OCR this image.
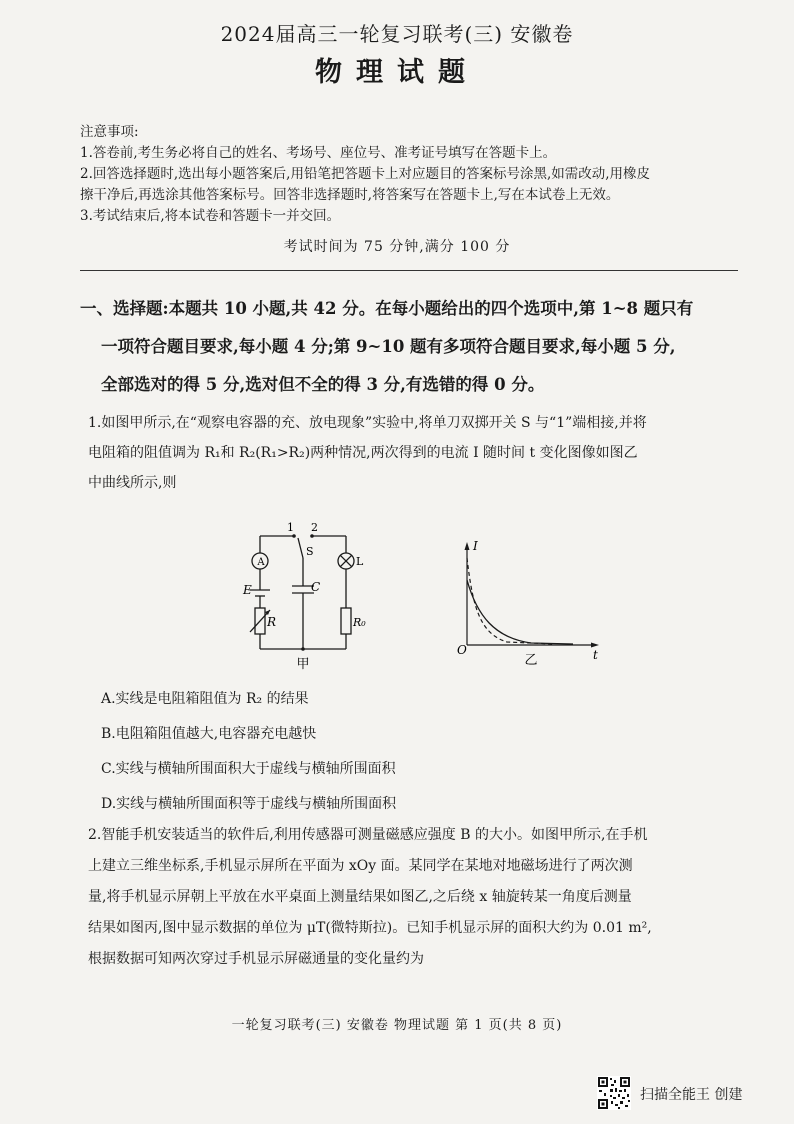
2024届高三一轮复习联考(三) 安徽卷
物理试题
注意事项:
1.答卷前,考生务必将自己的姓名、考场号、座位号、准考证号填写在答题卡上。
2.回答选择题时,选出每小题答案后,用铅笔把答题卡上对应题目的答案标号涂黑,如需改动,用橡皮
擦干净后,再选涂其他答案标号。回答非选择题时,将答案写在答题卡上,写在本试卷上无效。
3.考试结束后,将本试卷和答题卡一并交回。
考试时间为 75 分钟,满分 100 分
一、选择题:本题共 10 小题,共 42 分。在每小题给出的四个选项中,第 1~8 题只有
一项符合题目要求,每小题 4 分;第 9~10 题有多项符合题目要求,每小题 5 分,
全部选对的得 5 分,选对但不全的得 3 分,有选错的得 0 分。
1.如图甲所示,在“观察电容器的充、放电现象”实验中,将单刀双掷开关 S 与“1”端相接,并将
电阻箱的阻值调为 R₁和 R₂(R₁>R₂)两种情况,两次得到的电流 I 随时间 t 变化图像如图乙
中曲线所示,则
A
1 2
S
C
E
R	R₀
L
甲
O
I
t
乙
A.实线是电阻箱阻值为 R₂ 的结果
B.电阻箱阻值越大,电容器充电越快
C.实线与横轴所围面积大于虚线与横轴所围面积
D.实线与横轴所围面积等于虚线与横轴所围面积
2.智能手机安装适当的软件后,利用传感器可测量磁感应强度 B 的大小。如图甲所示,在手机
上建立三维坐标系,手机显示屏所在平面为 xOy 面。某同学在某地对地磁场进行了两次测
量,将手机显示屏朝上平放在水平桌面上测量结果如图乙,之后绕 x 轴旋转某一角度后测量
结果如图丙,图中显示数据的单位为 μT(微特斯拉)。已知手机显示屏的面积大约为 0.01 m²,
根据数据可知两次穿过手机显示屏磁通量的变化量约为
一轮复习联考(三) 安徽卷 物理试题 第 1 页(共 8 页)
扫描全能王 创建
